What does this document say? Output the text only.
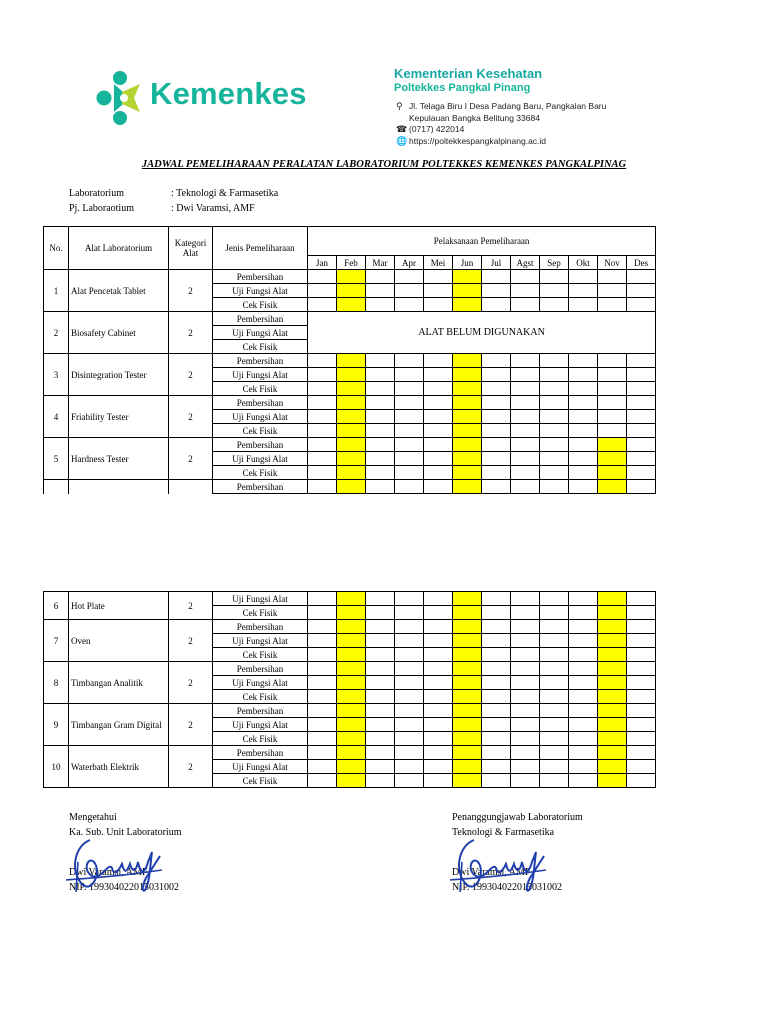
Kemenkes
Kementerian Kesehatan
Poltekkes Pangkal Pinang
⚲ Jl. Telaga Biru I Desa Padang Baru, Pangkalan Baru
Kepulauan Bangka Belitung 33684
☎ (0717) 422014
🌐 https://poltekkespangkalpinang.ac.id
JADWAL PEMELIHARAAN PERALATAN LABORATORIUM POLTEKKES KEMENKES PANGKALPINAG
Laboratorium	: Teknologi & Farmasetika
Pj. Laboraotium	: Dwi Varamsi, AMF
No.	Alat Laboratorium	Kategori Alat	Jenis Pemeliharaan	Pelaksanaan Pemeliharaan											
				Jan	Feb	Mar	Apr	Mei	Jun	Jul	Agst	Sep	Okt	Nov	Des
1	Alat Pencetak Tablet	2	Pembersihan												
			Uji Fungsi Alat												
			Cek Fisik												
2	Biosafety Cabinet	2	Pembersihan	ALAT BELUM DIGUNAKAN											
			Uji Fungsi Alat												
			Cek Fisik												
3	Disintegration Tester	2	Pembersihan												
			Uji Fungsi Alat												
			Cek Fisik												
4	Friability Tester	2	Pembersihan												
			Uji Fungsi Alat												
			Cek Fisik												
5	Hardness Tester	2	Pembersihan												
			Uji Fungsi Alat												
			Cek Fisik												
			Pembersihan												
6	Hot Plate	2	Uji Fungsi Alat												
			Cek Fisik												
7	Oven	2	Pembersihan												
			Uji Fungsi Alat												
			Cek Fisik												
8	Timbangan Analitik	2	Pembersihan												
			Uji Fungsi Alat												
			Cek Fisik												
9	Timbangan Gram Digital	2	Pembersihan												
			Uji Fungsi Alat												
			Cek Fisik												
10	Waterbath Elektrik	2	Pembersihan												
			Uji Fungsi Alat												
			Cek Fisik												
Mengetahui
Ka. Sub. Unit Laboratorium
Dwi Varamsi, AMF
NIP. 199304022015031002
Penanggungjawab Laboratorium
Teknologi & Farmasetika
Dwi Varamsi, AMF
NIP. 199304022015031002
